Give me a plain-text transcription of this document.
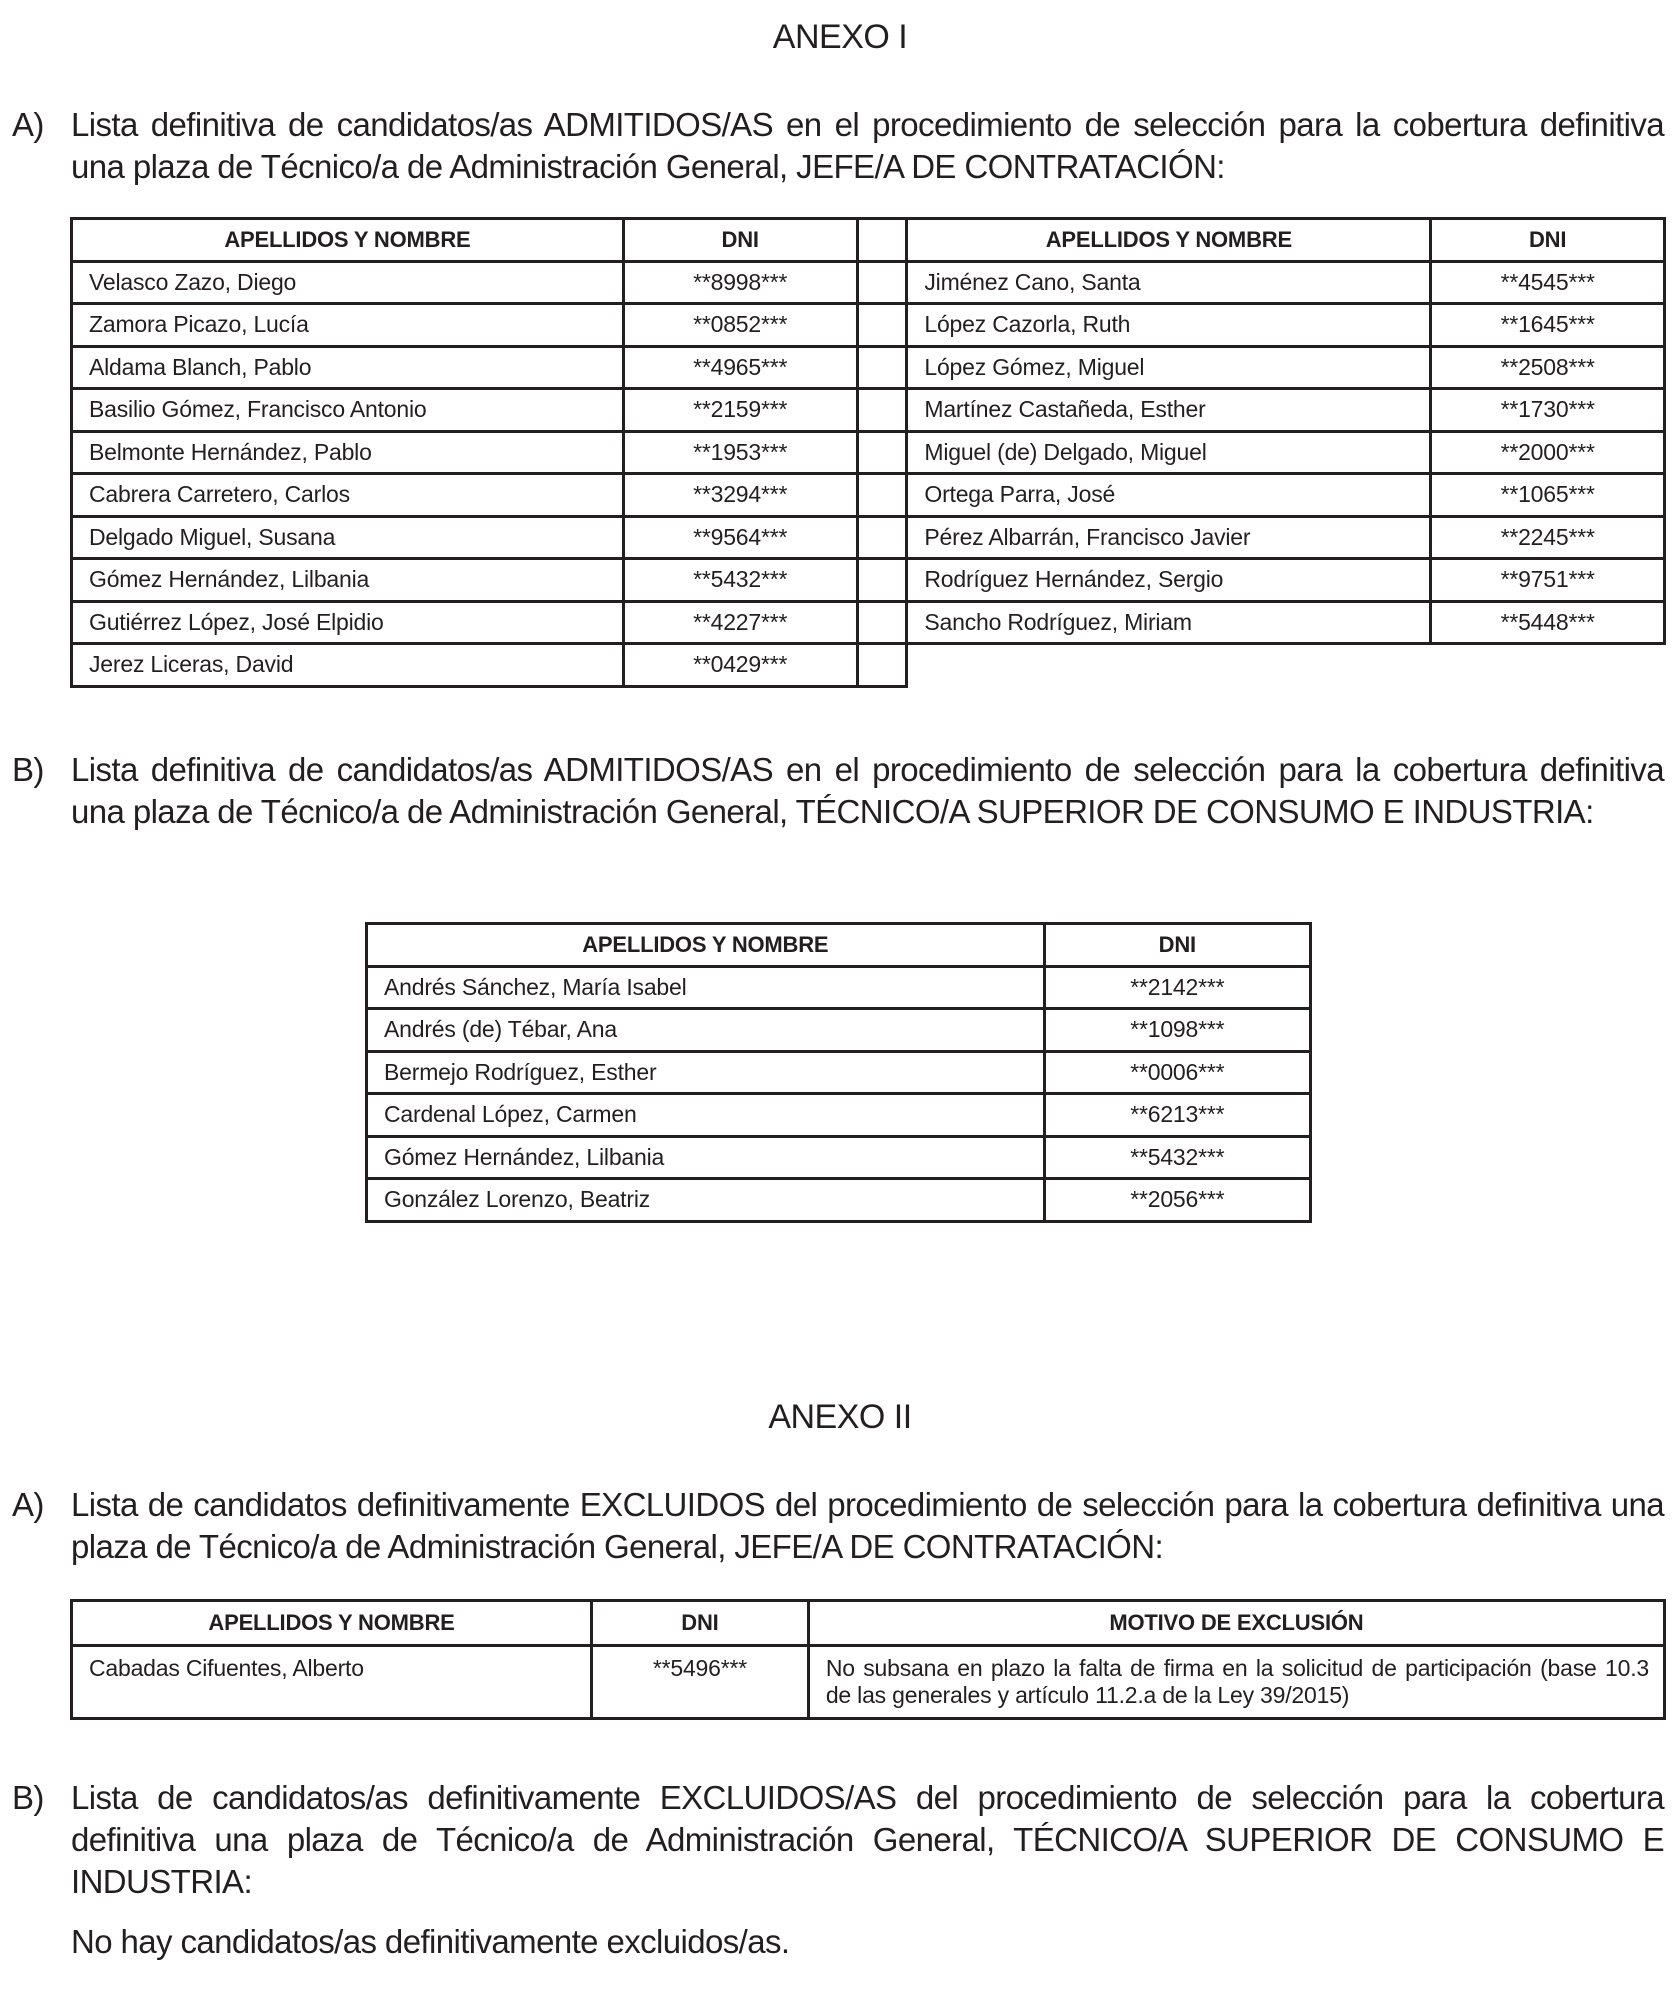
ANEXO I
A) Lista definitiva de candidatos/as ADMITIDOS/AS en el procedimiento de selección para la cobertura definitiva una plaza de Técnico/a de Administración General, JEFE/A DE CONTRATACIÓN:
APELLIDOS Y NOMBRE	DNI		APELLIDOS Y NOMBRE	DNI
Velasco Zazo, Diego	**8998***		Jiménez Cano, Santa	**4545***
Zamora Picazo, Lucía	**0852***		López Cazorla, Ruth	**1645***
Aldama Blanch, Pablo	**4965***		López Gómez, Miguel	**2508***
Basilio Gómez, Francisco Antonio	**2159***		Martínez Castañeda, Esther	**1730***
Belmonte Hernández, Pablo	**1953***		Miguel (de) Delgado, Miguel	**2000***
Cabrera Carretero, Carlos	**3294***		Ortega Parra, José	**1065***
Delgado Miguel, Susana	**9564***		Pérez Albarrán, Francisco Javier	**2245***
Gómez Hernández, Lilbania	**5432***		Rodríguez Hernández, Sergio	**9751***
Gutiérrez López, José Elpidio	**4227***		Sancho Rodríguez, Miriam	**5448***
Jerez Liceras, David	**0429***			
B) Lista definitiva de candidatos/as ADMITIDOS/AS en el procedimiento de selección para la cobertura definitiva una plaza de Técnico/a de Administración General, TÉCNICO/A SUPERIOR DE CONSUMO E INDUSTRIA:
APELLIDOS Y NOMBRE	DNI
Andrés Sánchez, María Isabel	**2142***
Andrés (de) Tébar, Ana	**1098***
Bermejo Rodríguez, Esther	**0006***
Cardenal López, Carmen	**6213***
Gómez Hernández, Lilbania	**5432***
González Lorenzo, Beatriz	**2056***
ANEXO II
A) Lista de candidatos definitivamente EXCLUIDOS del procedimiento de selección para la cobertura definitiva una plaza de Técnico/a de Administración General, JEFE/A DE CONTRATACIÓN:
APELLIDOS Y NOMBRE	DNI	MOTIVO DE EXCLUSIÓN
Cabadas Cifuentes, Alberto	**5496***	No subsana en plazo la falta de firma en la solicitud de participación (base 10.3 de las generales y artículo 11.2.a de la Ley 39/2015)
B) Lista de candidatos/as definitivamente EXCLUIDOS/AS del procedimiento de selección para la cobertura definitiva una plaza de Técnico/a de Administración General, TÉCNICO/A SUPERIOR DE CONSUMO E INDUSTRIA:
No hay candidatos/as definitivamente excluidos/as.
